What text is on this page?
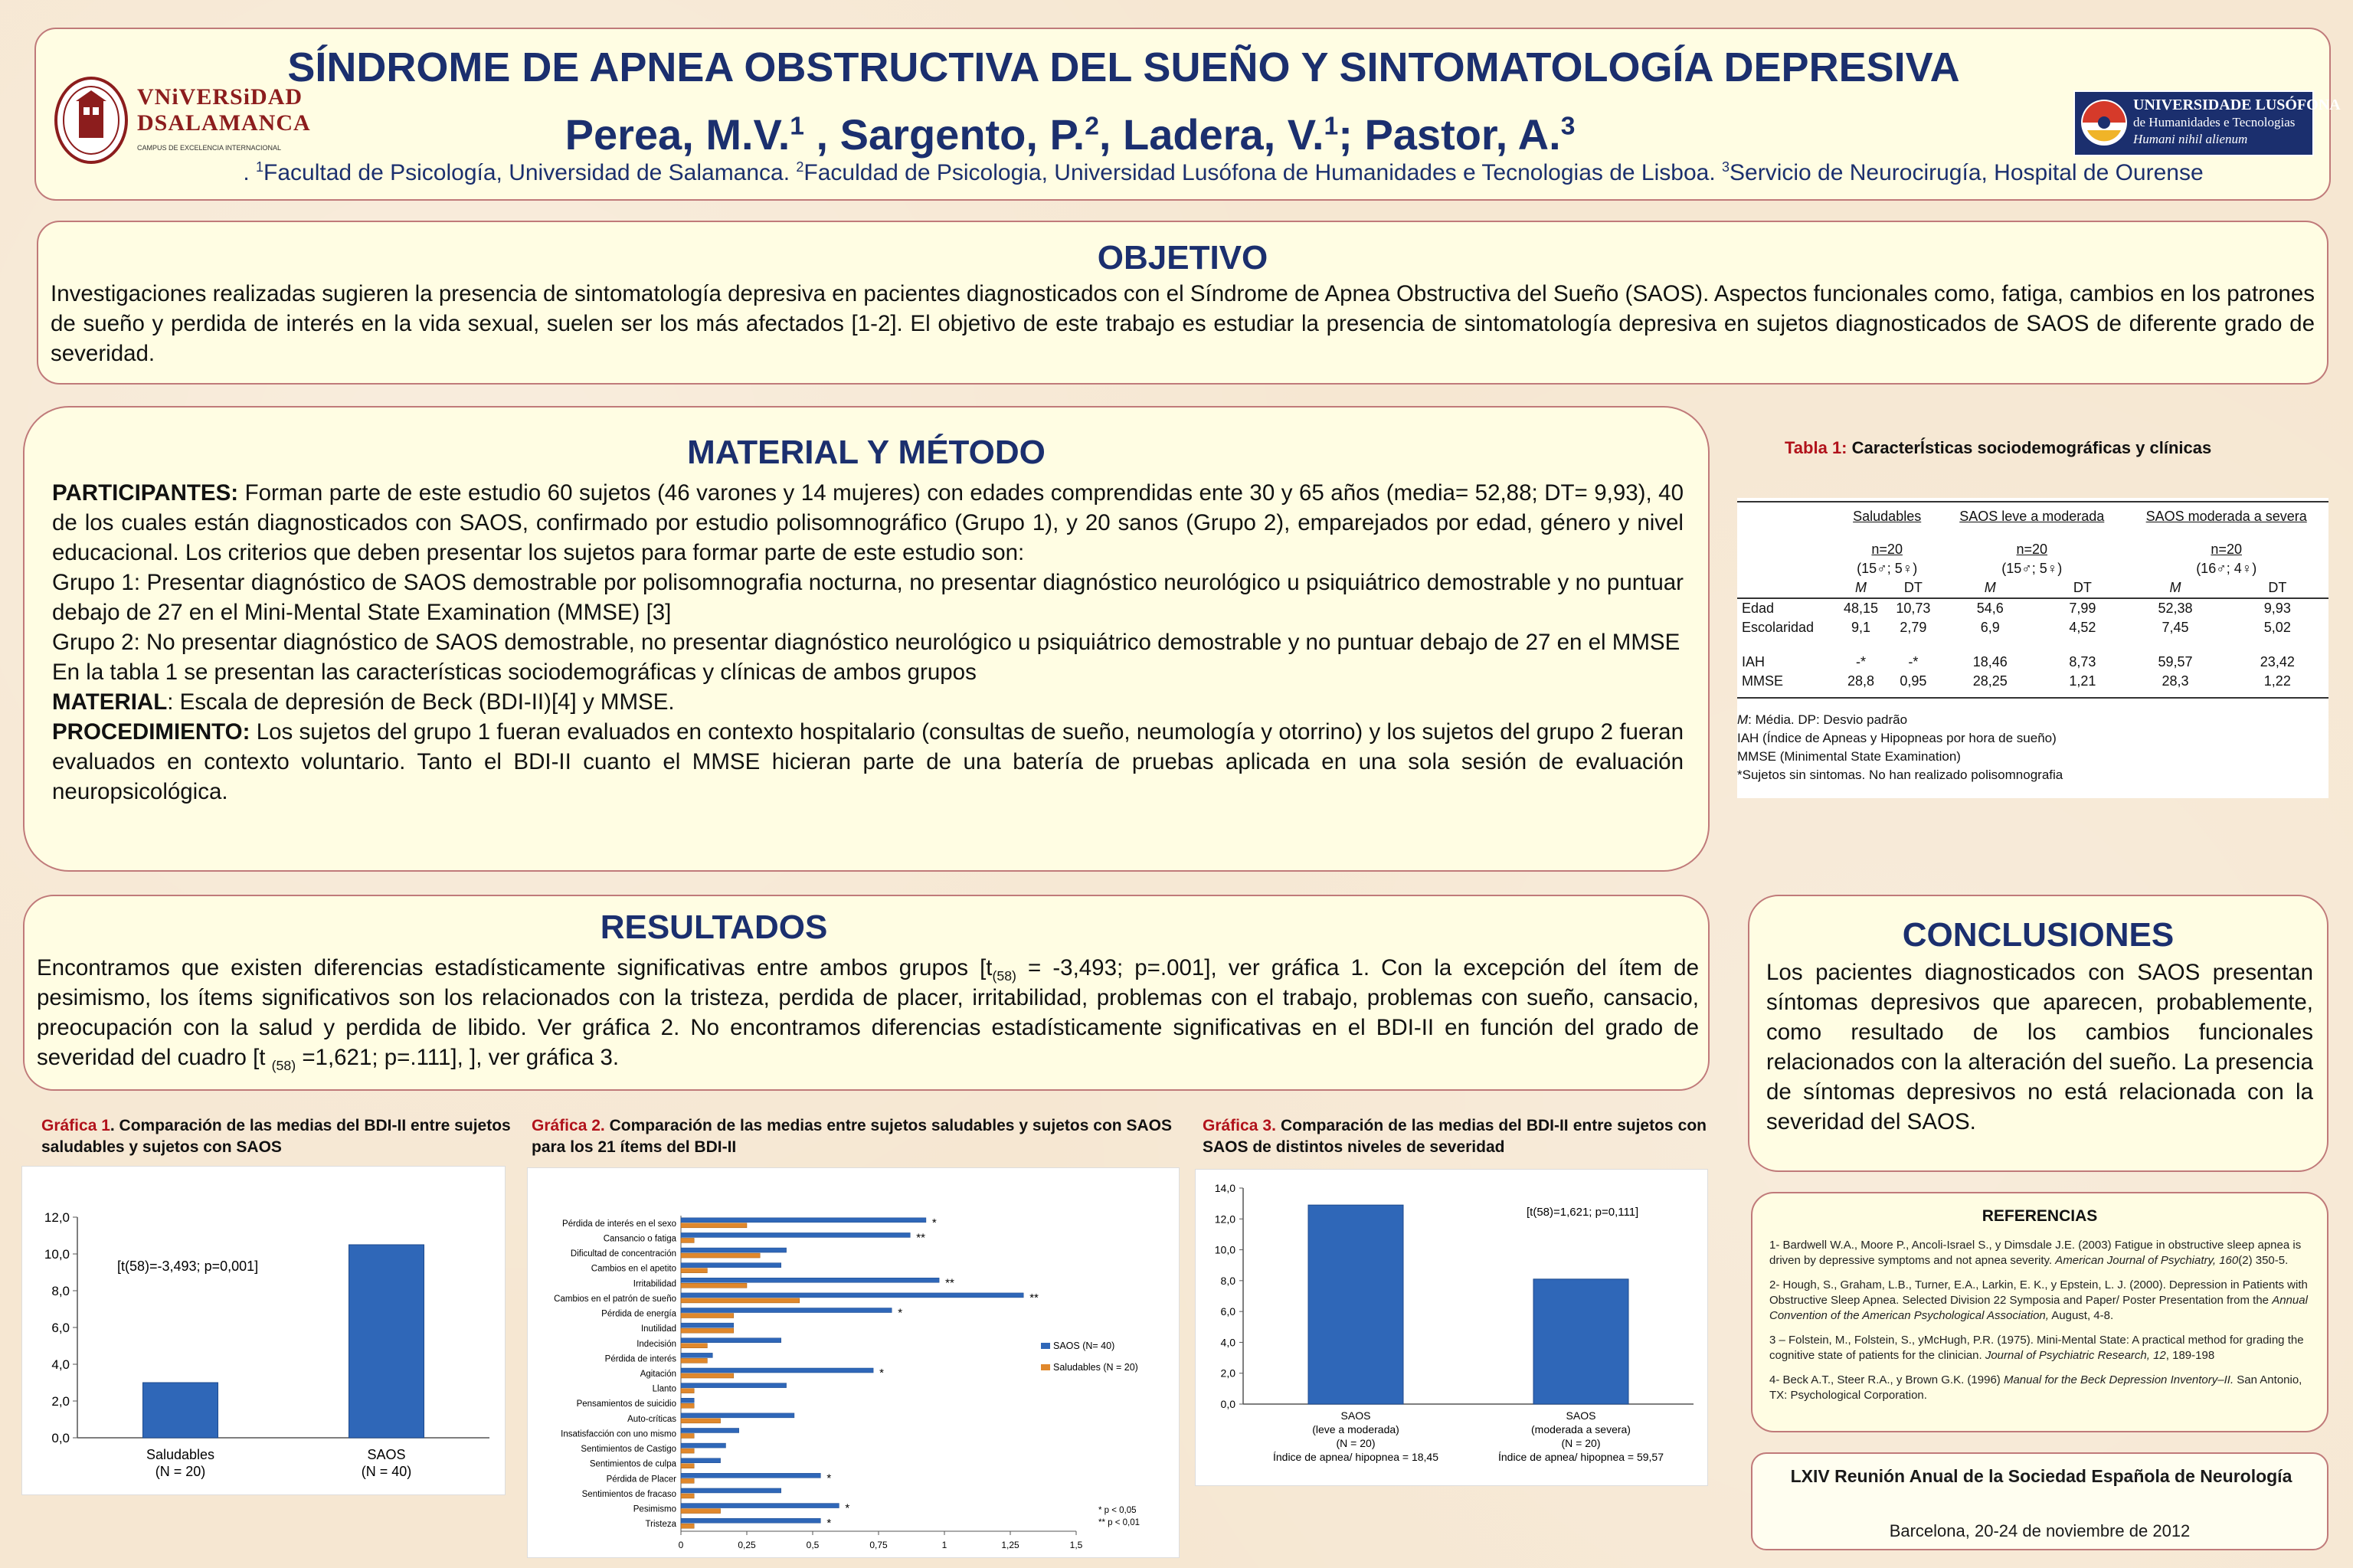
VNiVERSiDAD
DSALAMANCA
CAMPUS DE EXCELENCIA INTERNACIONAL
SÍNDROME DE APNEA OBSTRUCTIVA DEL SUEÑO Y SINTOMATOLOGÍA DEPRESIVA
Perea, M.V.$^1$ , Sargento, P.$^2$, Ladera, V.$^1$; Pastor, A.$^3$
. $^1$Facultad de Psicología, Universidad de Salamanca. $^2$Faculdad de Psicologia, Universidad Lusófona de Humanidades e Tecnologias de Lisboa. $^3$Servicio de Neurocirugía, Hospital de Ourense
UNIVERSIDADE LUSÓFONA
de Humanidades e Tecnologias
Humani nihil alienum
OBJETIVO
Investigaciones realizadas sugieren la presencia de sintomatología depresiva en pacientes diagnosticados con el Síndrome de Apnea Obstructiva del Sueño (SAOS). Aspectos funcionales como, fatiga, cambios en los patrones de sueño y perdida de interés en la vida sexual, suelen ser los más afectados [1-2]. El objetivo de este trabajo es estudiar la presencia de sintomatología depresiva en sujetos diagnosticados de SAOS de diferente grado de severidad.
MATERIAL Y MÉTODO
PARTICIPANTES: Forman parte de este estudio 60 sujetos (46 varones y 14 mujeres) con edades comprendidas ente 30 y 65 años (media= 52,88; DT= 9,93), 40 de los cuales están diagnosticados con SAOS, confirmado por estudio polisomnográfico (Grupo 1), y 20 sanos (Grupo 2), emparejados por edad, género y nivel educacional. Los criterios que deben presentar los sujetos para formar parte de este estudio son:
Grupo 1: Presentar diagnóstico de SAOS demostrable por polisomnografia nocturna, no presentar diagnóstico neurológico u psiquiátrico demostrable y no puntuar debajo de 27 en el Mini-Mental State Examination (MMSE) [3]
Grupo 2: No presentar diagnóstico de SAOS demostrable, no presentar diagnóstico neurológico u psiquiátrico demostrable y no puntuar debajo de 27 en el MMSE
En la tabla 1 se presentan las características sociodemográficas y clínicas de ambos grupos
MATERIAL: Escala de depresión de Beck (BDI-II)[4] y MMSE.
PROCEDIMIENTO: Los sujetos del grupo 1 fueran evaluados en contexto hospitalario (consultas de sueño, neumología y otorrino) y los sujetos del grupo 2 fueran evaluados en contexto voluntario. Tanto el BDI-II cuanto el MMSE hicieran parte de una batería de pruebas aplicada en una sola sesión de evaluación neuropsicológica.
Tabla 1: Caracterĺsticas sociodemográficas y clínicas
	Saludables		SAOS leve a moderada		SAOS moderada a severa	

	n=20		n=20		n=20	
	(15♂; 5♀)		(15♂; 5♀)		(16♂; 4♀)	
	M	DT	M	DT	M	DT
Edad	48,15	10,73	54,6	7,99	52,38	9,93
Escolaridad	9,1	2,79	6,9	4,52	7,45	5,02

IAH	-*	-*	18,46	8,73	59,57	23,42
MMSE	28,8	0,95	28,25	1,21	28,3	1,22
M: Média. DP: Desvio padrão
IAH (Índice de Apneas y Hipopneas por hora de sueño)
MMSE (Minimental State Examination)
*Sujetos sin sintomas. No han realizado polisomnografia
RESULTADOS
Encontramos que existen diferencias estadísticamente significativas entre ambos grupos [$t_{(58)} = -3,493$; p=.001], ver gráfica 1. Con la excepción del ítem de pesimismo, los ítems significativos son los relacionados con la tristeza, perdida de placer, irritabilidad, problemas con el trabajo, problemas con sueño, cansacio, preocupación con la salud y perdida de libido. Ver gráfica 2. No encontramos diferencias estadísticamente significativas en el BDI-II en función del grado de severidad del cuadro [t $_{(58)}$ =1,621; p=.111], ], ver gráfica 3.
CONCLUSIONES
Los pacientes diagnosticados con SAOS presentan síntomas depresivos que aparecen, probablemente, como resultado de los cambios funcionales relacionados con la alteración del sueño. La presencia de síntomas depresivos no está relacionada con la severidad del SAOS.
REFERENCIAS

1- Bardwell W.A., Moore P., Ancoli-Israel S., y Dimsdale J.E. (2003) Fatigue in obstructive sleep apnea is driven by depressive symptoms and not apnea severity. American Journal of Psychiatry, 160(2) 350-5.

2- Hough, S., Graham, L.B., Turner, E.A., Larkin, E. K., y Epstein, L. J. (2000). Depression in Patients with Obstructive Sleep Apnea. Selected Division 22 Symposia and Paper/ Poster Presentation from the Annual Convention of the American Psychological Association, August, 4-8.

3 – Folstein, M., Folstein, S., yMcHugh, P.R. (1975). Mini-Mental State: A practical method for grading the cognitive state of patients for the clinician. Journal of Psychiatric Research, 12, 189-198

4- Beck A.T., Steer R.A., y Brown G.K. (1996) Manual for the Beck Depression Inventory–II. San Antonio, TX: Psychological Corporation.

LXIV Reunión Anual de la Sociedad Española de Neurología
Barcelona, 20-24 de noviembre de 2012
Gráfica 1. Comparación de las medias del BDI-II entre sujetos saludables y sujetos con SAOS
Gráfica 2. Comparación de las medias entre sujetos saludables y sujetos con SAOS para los 21 ítems del BDI-II
Gráfica 3. Comparación de las medias del BDI-II entre sujetos con SAOS de distintos niveles de severidad
0,0
2,0
4,0
6,0
8,0
10,0
12,0
Saludables
(N = 20)
SAOS
(N = 40)
[t(58)=-3,493; p=0,001]
0	0,25	0,5	0,75	1	1,25	1,5
Pérdida de interés en el sexo	*
Cansancio o fatiga	**
Dificultad de concentración
Cambios en el apetito
Irritabilidad	**
Cambios en el patrón de sueño	**
Pérdida de energía	*
Inutilidad
Indecisión
Pérdida de interés
Agitación	*
Llanto
Pensamientos de suicidio
Auto-críticas
Insatisfacción con uno mismo
Sentimientos de Castigo
Sentimientos de culpa
Pérdida de Placer	*
Sentimientos de fracaso
Pesimismo	*
Tristeza	*
SAOS (N= 40)
Saludables (N = 20)
* p < 0,05
** p < 0,01
0,0
2,0
4,0
6,0
8,0
10,0
12,0
14,0
SAOS
(leve a moderada)
(N = 20)
Índice de apnea/ hipopnea = 18,45
SAOS
(moderada a severa)
(N = 20)
Índice de apnea/ hipopnea = 59,57
[t(58)=1,621; p=0,111]
